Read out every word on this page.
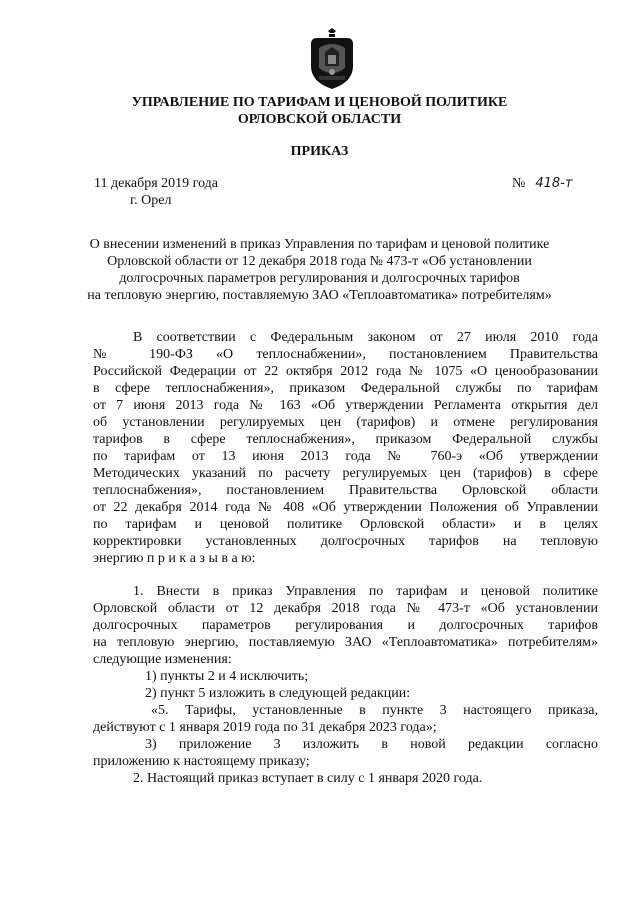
УПРАВЛЕНИЕ ПО ТАРИФАМ И ЦЕНОВОЙ ПОЛИТИКЕ
ОРЛОВСКОЙ ОБЛАСТИ
ПРИКАЗ
11 декабря 2019 года
г. Орел
№ 418-т
О внесении изменений в приказ Управления по тарифам и ценовой политике
Орловской области от 12 декабря 2018 года № 473-т «Об установлении
долгосрочных параметров регулирования и долгосрочных тарифов
на тепловую энергию, поставляемую ЗАО «Теплоавтоматика» потребителям»
В соответствии с Федеральным законом от 27 июля 2010 года
№ 190-ФЗ «О теплоснабжении», постановлением Правительства
Российской Федерации от 22 октября 2012 года № 1075 «О ценообразовании
в сфере теплоснабжения», приказом Федеральной службы по тарифам
от 7 июня 2013 года № 163 «Об утверждении Регламента открытия дел
об установлении регулируемых цен (тарифов) и отмене регулирования
тарифов в сфере теплоснабжения», приказом Федеральной службы
по тарифам от 13 июня 2013 года № 760-э «Об утверждении
Методических указаний по расчету регулируемых цен (тарифов) в сфере
теплоснабжения», постановлением Правительства Орловской области
от 22 декабря 2014 года № 408 «Об утверждении Положения об Управлении
по тарифам и ценовой политике Орловской области» и в целях
корректировки установленных долгосрочных тарифов на тепловую
энергию п р и к а з ы в а ю:
1. Внести в приказ Управления по тарифам и ценовой политике
Орловской области от 12 декабря 2018 года № 473-т «Об установлении
долгосрочных параметров регулирования и долгосрочных тарифов
на тепловую энергию, поставляемую ЗАО «Теплоавтоматика» потребителям»
следующие изменения:
1) пункты 2 и 4 исключить;
2) пункт 5 изложить в следующей редакции:
«5. Тарифы, установленные в пункте 3 настоящего приказа,
действуют с 1 января 2019 года по 31 декабря 2023 года»;
3) приложение 3 изложить в новой редакции согласно
приложению к настоящему приказу;
2. Настоящий приказ вступает в силу с 1 января 2020 года.
